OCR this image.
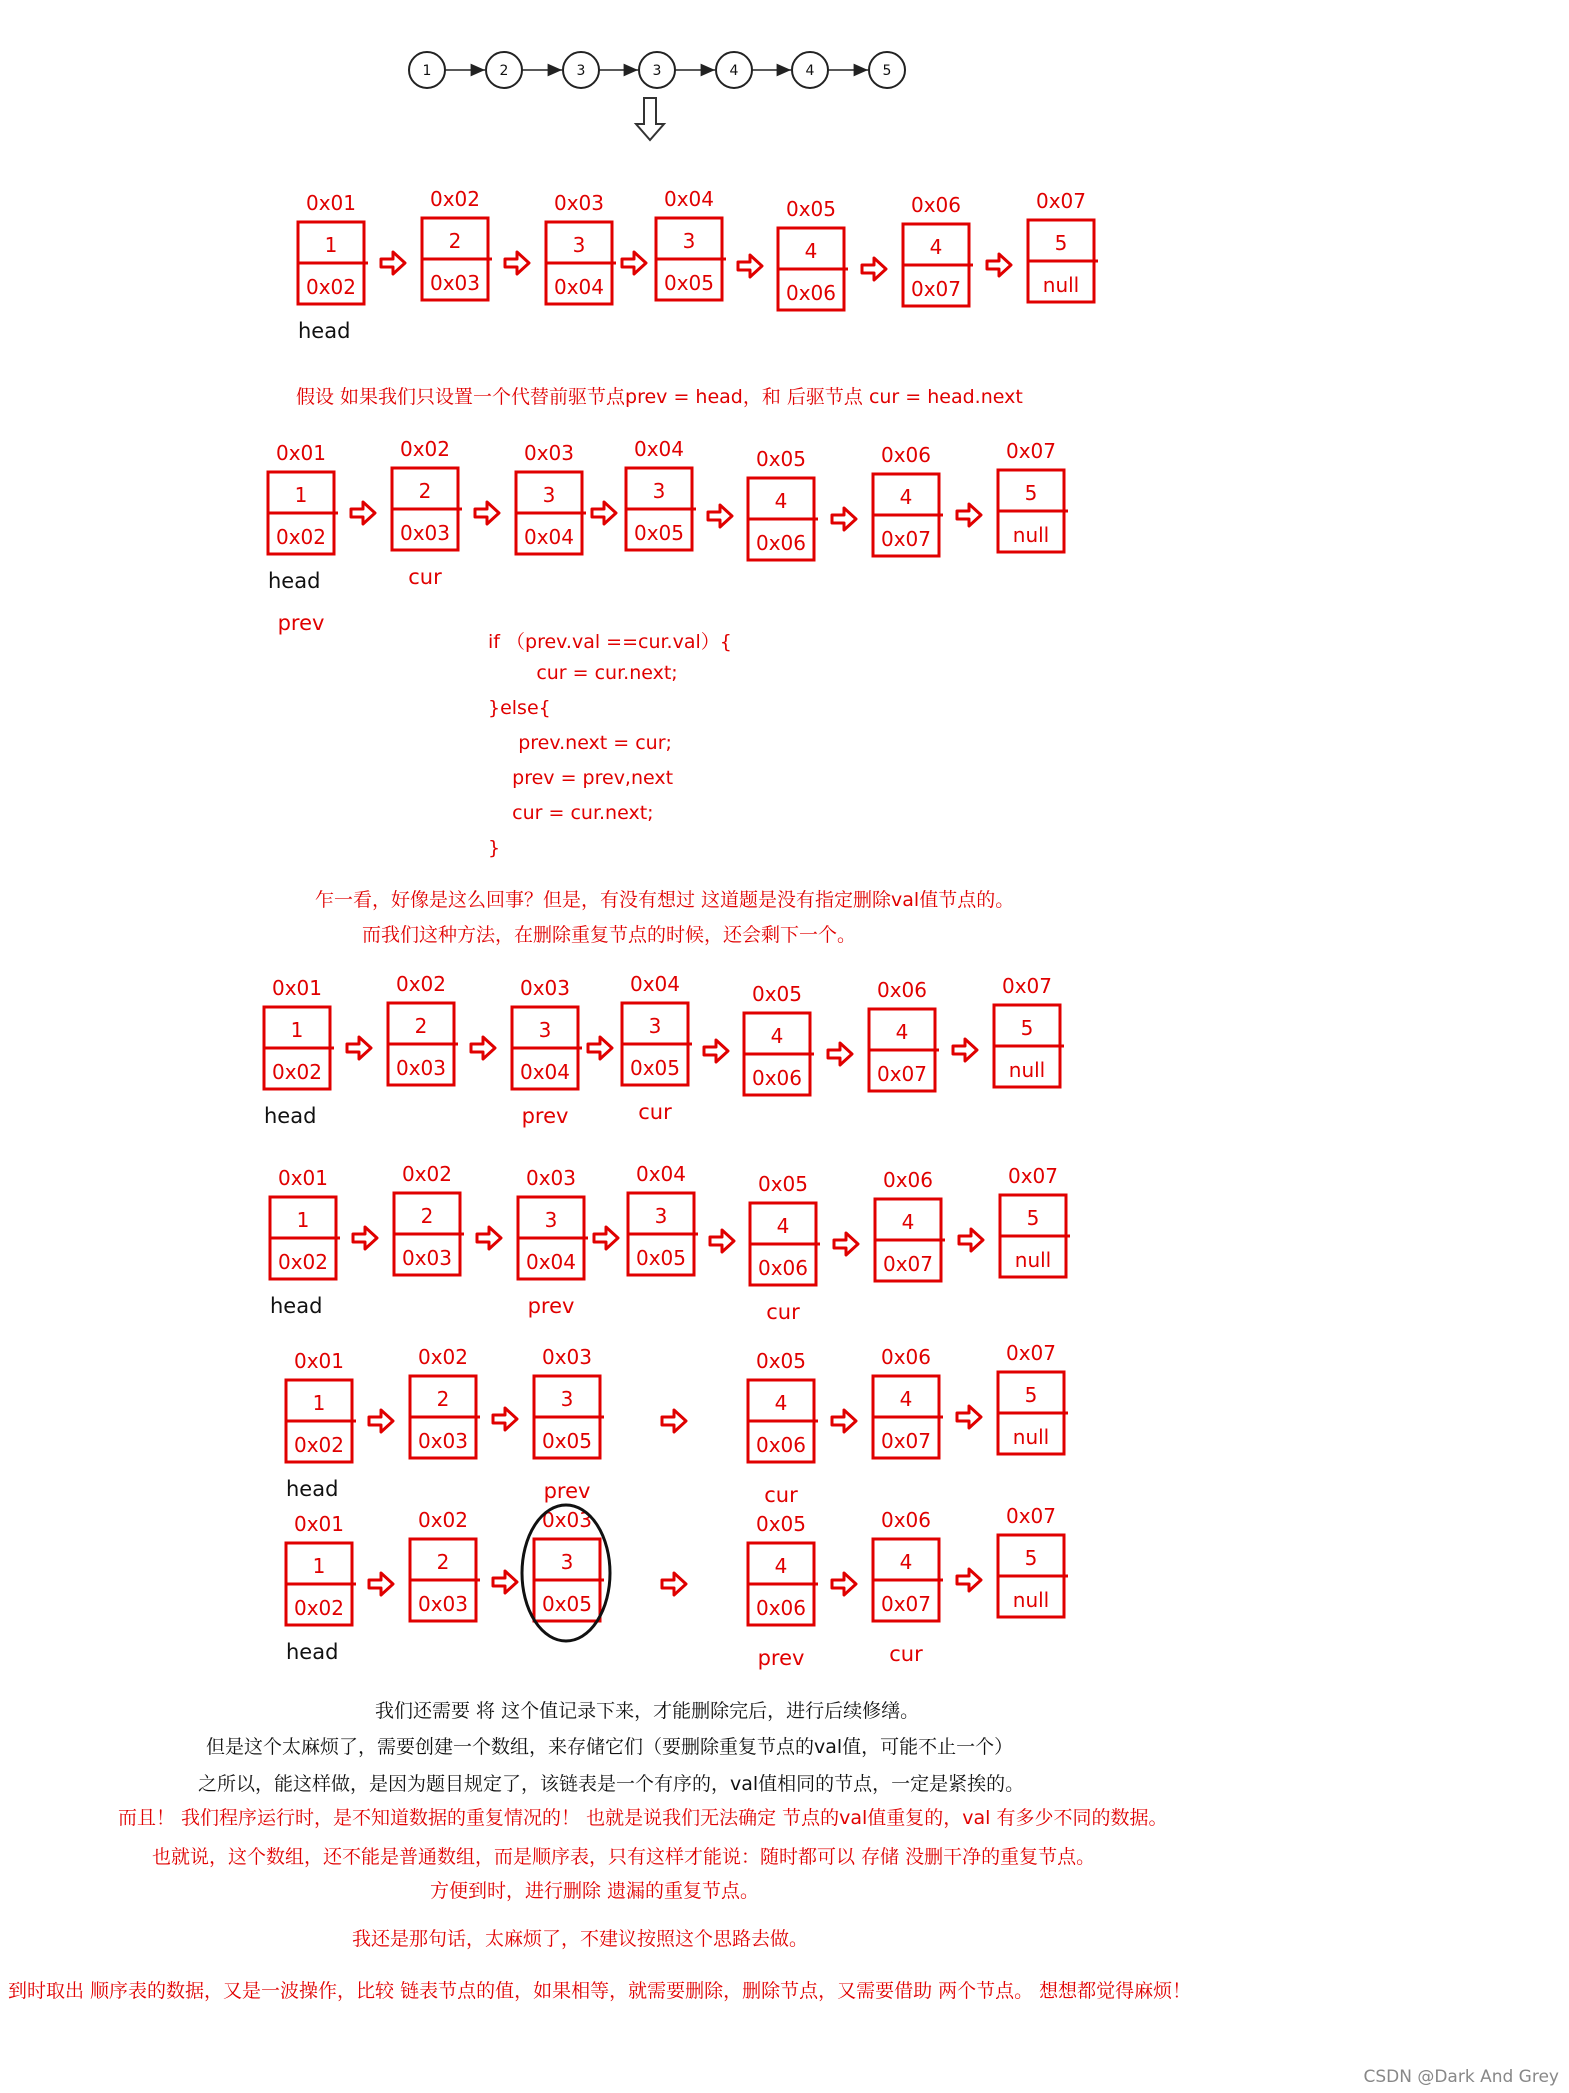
1	2	3	3	4	4	5
0x01
1
0x02
0x02
2
0x03
0x03
3
0x04
0x04
3
0x05
0x05
4
0x06
0x06
4
0x07
0x07
5
null
head
0x01
1
0x02
0x02
2
0x03
0x03
3
0x04
0x04
3
0x05
0x05
4
0x06
0x06
4
0x07
0x07
5
null
head	cur
prev
0x01
1
0x02
0x02
2
0x03
0x03
3
0x04
0x04
3
0x05
0x05
4
0x06
0x06
4
0x07
0x07
5
null
head	prev	cur
0x01
1
0x02
0x02
2
0x03
0x03
3
0x04
0x04
3
0x05
0x05
4
0x06
0x06
4
0x07
0x07
5
null
head	prev	cur
0x01
1
0x02
0x02
2
0x03
0x03
3
0x05
0x05
4
0x06
0x06
4
0x07
0x07
5
null
head	prev	cur
0x01
1
0x02
0x02
2
0x03
0x03
3
0x05
0x05
4
0x06
0x06
4
0x07
0x07
5
null
head	prev	cur
假设 如果我们只设置一个代替前驱节点prev = head，和 后驱节点 cur = head.next
if （prev.val ==cur.val）{
cur = cur.next;
}else{
prev.next = cur;
prev = prev,next
cur = cur.next;
}
乍一看，好像是这么回事？但是，有没有想过 这道题是没有指定删除val值节点的。
而我们这种方法，在删除重复节点的时候，还会剩下一个。
我们还需要 将 这个值记录下来，才能删除完后，进行后续修缮。
但是这个太麻烦了，需要创建一个数组，来存储它们（要删除重复节点的val值，可能不止一个）
之所以，能这样做，是因为题目规定了，该链表是一个有序的，val值相同的节点，一定是紧挨的。
而且！ 我们程序运行时，是不知道数据的重复情况的！ 也就是说我们无法确定 节点的val值重复的，val 有多少不同的数据。
也就说，这个数组，还不能是普通数组，而是顺序表，只有这样才能说：随时都可以 存储 没删干净的重复节点。
方便到时，进行删除 遗漏的重复节点。
我还是那句话，太麻烦了，不建议按照这个思路去做。
到时取出 顺序表的数据，又是一波操作，比较 链表节点的值，如果相等，就需要删除，删除节点，又需要借助 两个节点。 想想都觉得麻烦！
CSDN @Dark And Grey
